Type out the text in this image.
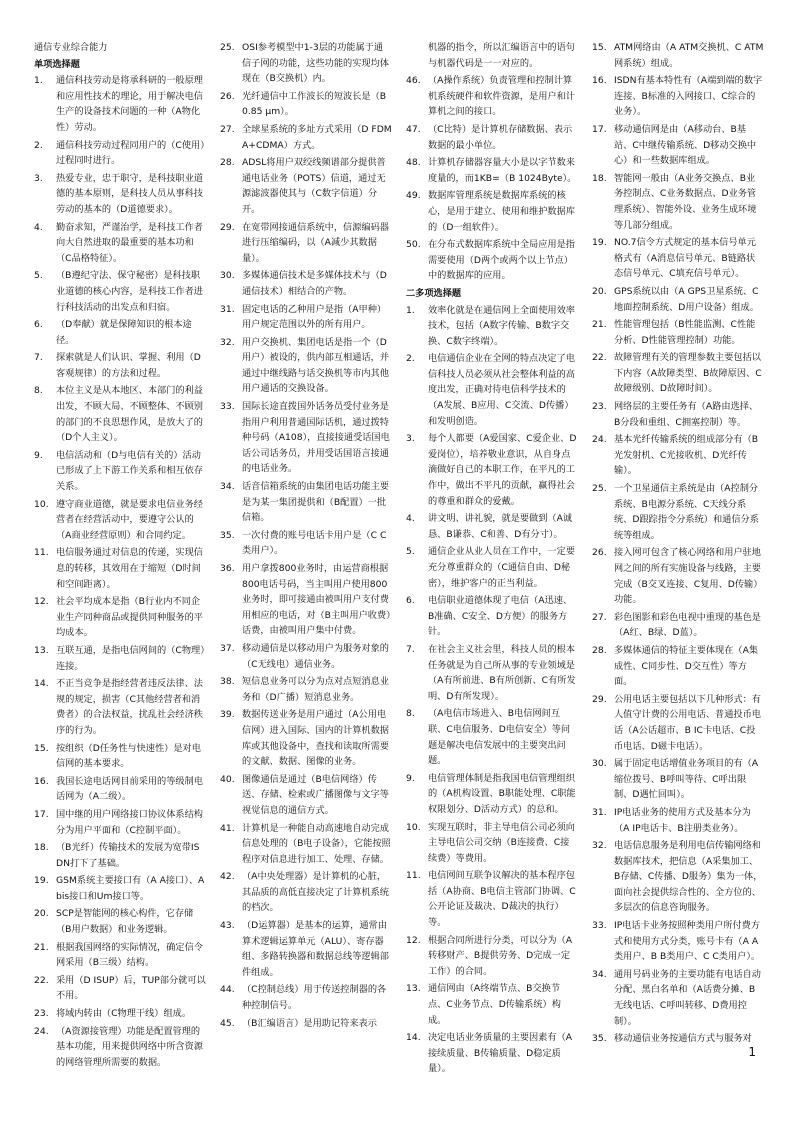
通信专业综合能力
单项选择题
1.	通信科技劳动是将承科研的一般原理和应用性技术的理论，用于解决电信生产的设备技术问题的一种（A物化性）劳动。
2.	通信科技劳动过程同用户的（C使用）过程同时进行。
3.	热爱专业，忠于职守，是科技职业道德的基本原则，是科技人员从事科技劳动的基本的（D道德要求）。
4.	勤奋求知，严谨治学，是科技工作者向大自然进取的最重要的基本功和（C品格特征）。
5.	（B遵纪守法、保守秘密）是科技职业道德的核心内容，是科技工作者进行科技活动的出发点和归宿。
6.	（D奉献）就是保障知识的根本途径。
7.	探索就是人们认识、掌握、利用（D客观规律）的方法和过程。
8.	本位主义是从本地区、本部门的利益出发，不顾大局、不顾整体、不顾别的部门的不良思想作风，是放大了的（D个人主义）。
9.	电信活动和（D与电信有关的）活动已形成了上下游工作关系和相互依存关系。
10. 遵守商业道德，就是要求电信业务经营者在经营活动中，要遵守公认的（A商业经营原则）和合同约定。
11. 电信服务通过对信息的传递，实现信息的转移，其效用在于缩短（D时间和空间距离）。
12. 社会平均成本是指（B行业内不同企业生产同种商品或提供同种服务的平均成本。
13. 互联互通，是指电信网间的（C物理）连接。
14. 不正当竞争是指经营者违反法律、法规的规定，损害（C其他经营者和消费者）的合法权益，扰乱社会经济秩序的行为。
15. 按组织（D任务性与快速性）是对电信网的基本要求。
16. 我国长途电话网目前采用的等级制电话网为（A二级）。
17. 国中继的用户网络接口协议体系结构分为用户平面和（C控制平面）。
18. （B光纤）传输技术的发展为宽带ISDN打下了基础。
19. GSM系统主要接口有（A A接口）、Abis接口和Um接口等。
20. SCP是智能网的核心构件，它存储（B用户数据）和业务逻辑。
21. 根据我国网络的实际情况，确定信令网采用（B三级）结构。
22. 采用（D ISUP）后，TUP部分就可以不用。
23. 将域内转由（C物理干线）组成。
24. （A资源接管理）功能是配置管理的基本功能，用来提供网络中所含资源的网络管理所需要的数据。
25. OSI参考模型中1-3层的功能属于通信子网的功能，这些功能的实现均体现在（B交换机）内。
26. 光纤通信中工作波长的短波长是（B0.85 μm）。
27. 全球星系统的多址方式采用（D FDMA+CDMA）方式。
28. ADSL将用户双绞线频谱部分提供普通电话业务（POTS）信道，通过无源滤波器使其与（C数字信道）分开。
29. 在宽带网接通信系统中，信源编码器进行压缩编码，以（A减少其数据量）。
30. 多媒体通信技术是多媒体技术与（D通信技术）相结合的产物。
31. 固定电话的乙种用户是指（A甲种）用户规定范围以外的所有用户。
32. 用户交换机、集团电话是指一个（D用户）被设的，供内部互相通话，并通过中继线路与话交换机等市内其他用户通话的交换设备。
33. 国际长途直拨国外话务员受付业务是指用户利用普通国际话机，通过拨特种号码（A108），直接接通受话国电话公司话务员，并用受话国语言接通的电话业务。
34. 话音信箱系统的由集团电话功能主要是为某一集团提供和（B配置）一批信箱。
35. 一次付费的账号电话卡用户是（C C类用户）。
36. 用户拿拨800业务时，由运营商根据800电话号码，当主叫用户使用800业务时，即可接通由被叫用户支付费用相应的电话，对（B主叫用户收费）话费，由被叫用户集中付费。
37. 移动通信是以移动用户为服务对象的（C无线电）通信业务。
38. 短信息业务可以分为点对点短消息业务和（D广播）短消息业务。
39. 数据传送业务是用户通过（A公用电信网）进入国际、国内的计算机数据库或其他设备中，查找和读取所需要的文献、数据、图像的业务。
40. 图像通信是通过（B电信网络）传送、存储、检索或广播图像与文字等视觉信息的通信方式。
41. 计算机是一种能自动高速地自动完成信息处理的（B电子设备），它能按照程序对信息进行加工、处理、存储。
42. （A中央处理器）是计算机的心脏，其品质的高低直接决定了计算机系统的档次。
43. （D运算器）是基本的运算，通常由算术逻辑运算单元（ALU）、寄存器组、多路转换器和数据总线等逻辑部件组成。
44. （C控制总线）用于传送控制器的各种控制信号。
45. （B汇编语言）是用助记符来表示
机器的指令，所以汇编语言中的语句与机器代码是一一对应的。
46. （A操作系统）负责管理和控制计算机系统硬件和软件资源，是用户和计算机之间的接口。
47. （C比特）是计算机存储数据、表示数据的最小单位。
48. 计算机存储器容量大小是以字节数来度量的，而1KB=（B 1024Byte）。
49. 数据库管理系统是数据库系统的核心，是用于建立、使用和维护数据库的（D一组软件）。
50. 在分布式数据库系统中全局应用是指需要使用（D两个或两个以上节点）中的数据库的应用。
二多项选择题
1.	效率化就是在通信网上全面使用效率技术，包括（A数字传输、B数字交换、C数字终端）。
2.	电信通信企业在全网的特点决定了电信科技人员必须从社会整体利益的高度出发，正确对待电信科学技术的（A发展、B应用、C交流、D传播）和发明创造。
3.	每个人都要（A爱国家、C爱企业、D爱岗位），培养敬业意识，从自身点滴做好自己的本职工作，在平凡的工作中，做出不平凡的贡献，赢得社会的尊重和群众的爱戴。
4.	讲文明、讲礼貌，就是要做到（A诚恳、B谦恭、C和善、D有分寸）。
5.	通信企业从业人员在工作中，一定要充分尊重群众的（C通信自由、D秘密），维护客户的正当利益。
6.	电信职业道德体现了电信（A迅速、B准确、C安全、D方便）的服务方针。
7.	在社会主义社会里，科技人员的根本任务就是为自己所从事的专业领域是（A有所前进、B有所创新、C有所发明、D有所发现）。
8.	（A电信市场进入、B电信网间互联、C电信服务、D电信安全）等问题是解决电信发展中的主要突出问题。
9.	电信管理体制是指我国电信管理组织的（A机构设置、B职能处理、C职能权限划分、D活动方式）的总和。
10. 实现互联时，非主导电信公司必须向主导电信公司交纳（B连接费、C接续费）等费用。
11. 电信网间互联争议解决的基本程序包括（A协商、B电信主管部门协调、C公开论证及裁决、D裁决的执行）等。
12. 根据合同所进行分类，可以分为（A转移财产、B提供劳务、D完成一定工作）的合同。
13. 通信网由（A终端节点、B交换节点、C业务节点、D传输系统）构成。
14. 决定电话业务质量的主要因素有（A接续质量、B传输质量、D稳定质量）。
15. ATM网络由（A ATM交换机、C ATM网系统）组成。
16. ISDN有基本特性有（A端到端的数字连接、B标准的入网接口、C综合的业务）。
17. 移动通信网是由（A移动台、B基站、C中继传输系统、D移动交换中心）和一些数据库组成。
18. 智能网一般由（A业务交换点、B业务控制点、C业务数据点、D业务管理系统）、智能外设、业务生成环境等几部分组成。
19. NO.7信令方式规定的基本信号单元格式有（A消息信号单元、B链路状态信号单元、C填充信号单元）。
20. GPS系统以由（A GPS卫星系统、C地面控制系统、D用户设备）组成。
21. 性能管理包括（B性能监测、C性能分析、D性能管理控制）功能。
22. 故障管理有关的管理参数主要包括以下内容（A故障类型、B故障原因、C故障级别、D故障时间）。
23. 网络层的主要任务有（A路由选择、B分段和重组、C拥塞控制）等。
24. 基本光纤传输系统的组成部分有（B光发射机、C光接收机、D光纤传输）。
25. 一个卫星通信主系统是由（A控制分系统、B电源分系统、C天线分系统、D跟踪指令分系统）和通信分系统等组成。
26. 接入网可包含了核心网络和用户驻地网之间的所有实施设备与线路，主要完成（B交叉连接、C复用、D传输）功能。
27. 彩色图影和彩色电视中重现的基色是（A红、B绿、D蓝）。
28. 多媒体通信的特征主要体现在（A集成性、C同步性、D交互性）等方面。
29. 公用电话主要包括以下几种形式：有人值守计费的公用电话、普通投币电话（A公话超市、B IC卡电话、C投币电话、D磁卡电话）。
30. 属于固定电话增值业务项目的有（A缩位拨号、B呼叫等待、C呼出限制、D遇忙回叫）。
31. IP电话业务的使用方式及基本分为（A IP电话卡、B注册类业务）。
32. 电话信息服务是利用电信传输网络和数据库技术，把信息（A采集加工、B存储、C传播、D服务）集为一体，面向社会提供综合性的、全方位的、多层次的信息咨询服务。
33. IP电话卡业务按照种类用户所付费方式和使用方式分类，账号卡有（A A类用户、B B类用户、C C类用户）。
34. 通用号码业务的主要功能有电话自动分配、黑白名单和（A话费分摊、B无线电话、C呼叫转移、D费用控制）。
35. 移动通信业务按通信方式与服务对
1
